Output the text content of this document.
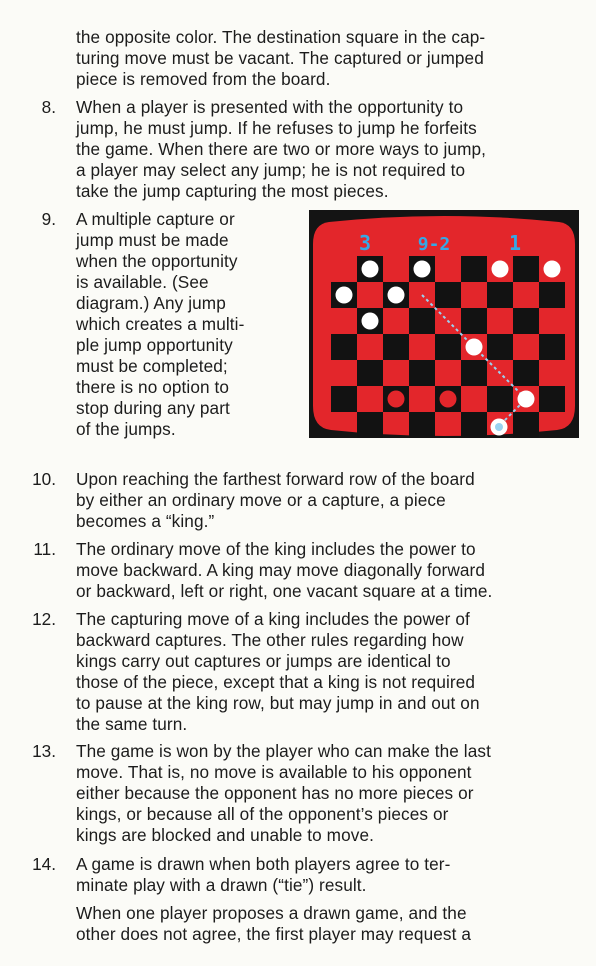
the opposite color. The destination square in the cap-
turing move must be vacant. The captured or jumped
piece is removed from the board.
8. When a player is presented with the opportunity to
jump, he must jump. If he refuses to jump he forfeits
the game. When there are two or more ways to jump,
a player may select any jump; he is not required to
take the jump capturing the most pieces.
9. A multiple capture or
jump must be made
when the opportunity
is available. (See
diagram.) Any jump
which creates a multi-
ple jump opportunity
must be completed;
there is no option to
stop during any part
of the jumps.
3	9-2	1
10. Upon reaching the farthest forward row of the board
by either an ordinary move or a capture, a piece
becomes a “king.”
11. The ordinary move of the king includes the power to
move backward. A king may move diagonally forward
or backward, left or right, one vacant square at a time.
12. The capturing move of a king includes the power of
backward captures. The other rules regarding how
kings carry out captures or jumps are identical to
those of the piece, except that a king is not required
to pause at the king row, but may jump in and out on
the same turn.
13. The game is won by the player who can make the last
move. That is, no move is available to his opponent
either because the opponent has no more pieces or
kings, or because all of the opponent’s pieces or
kings are blocked and unable to move.
14. A game is drawn when both players agree to ter-
minate play with a drawn (“tie”) result.
When one player proposes a drawn game, and the
other does not agree, the first player may request a
